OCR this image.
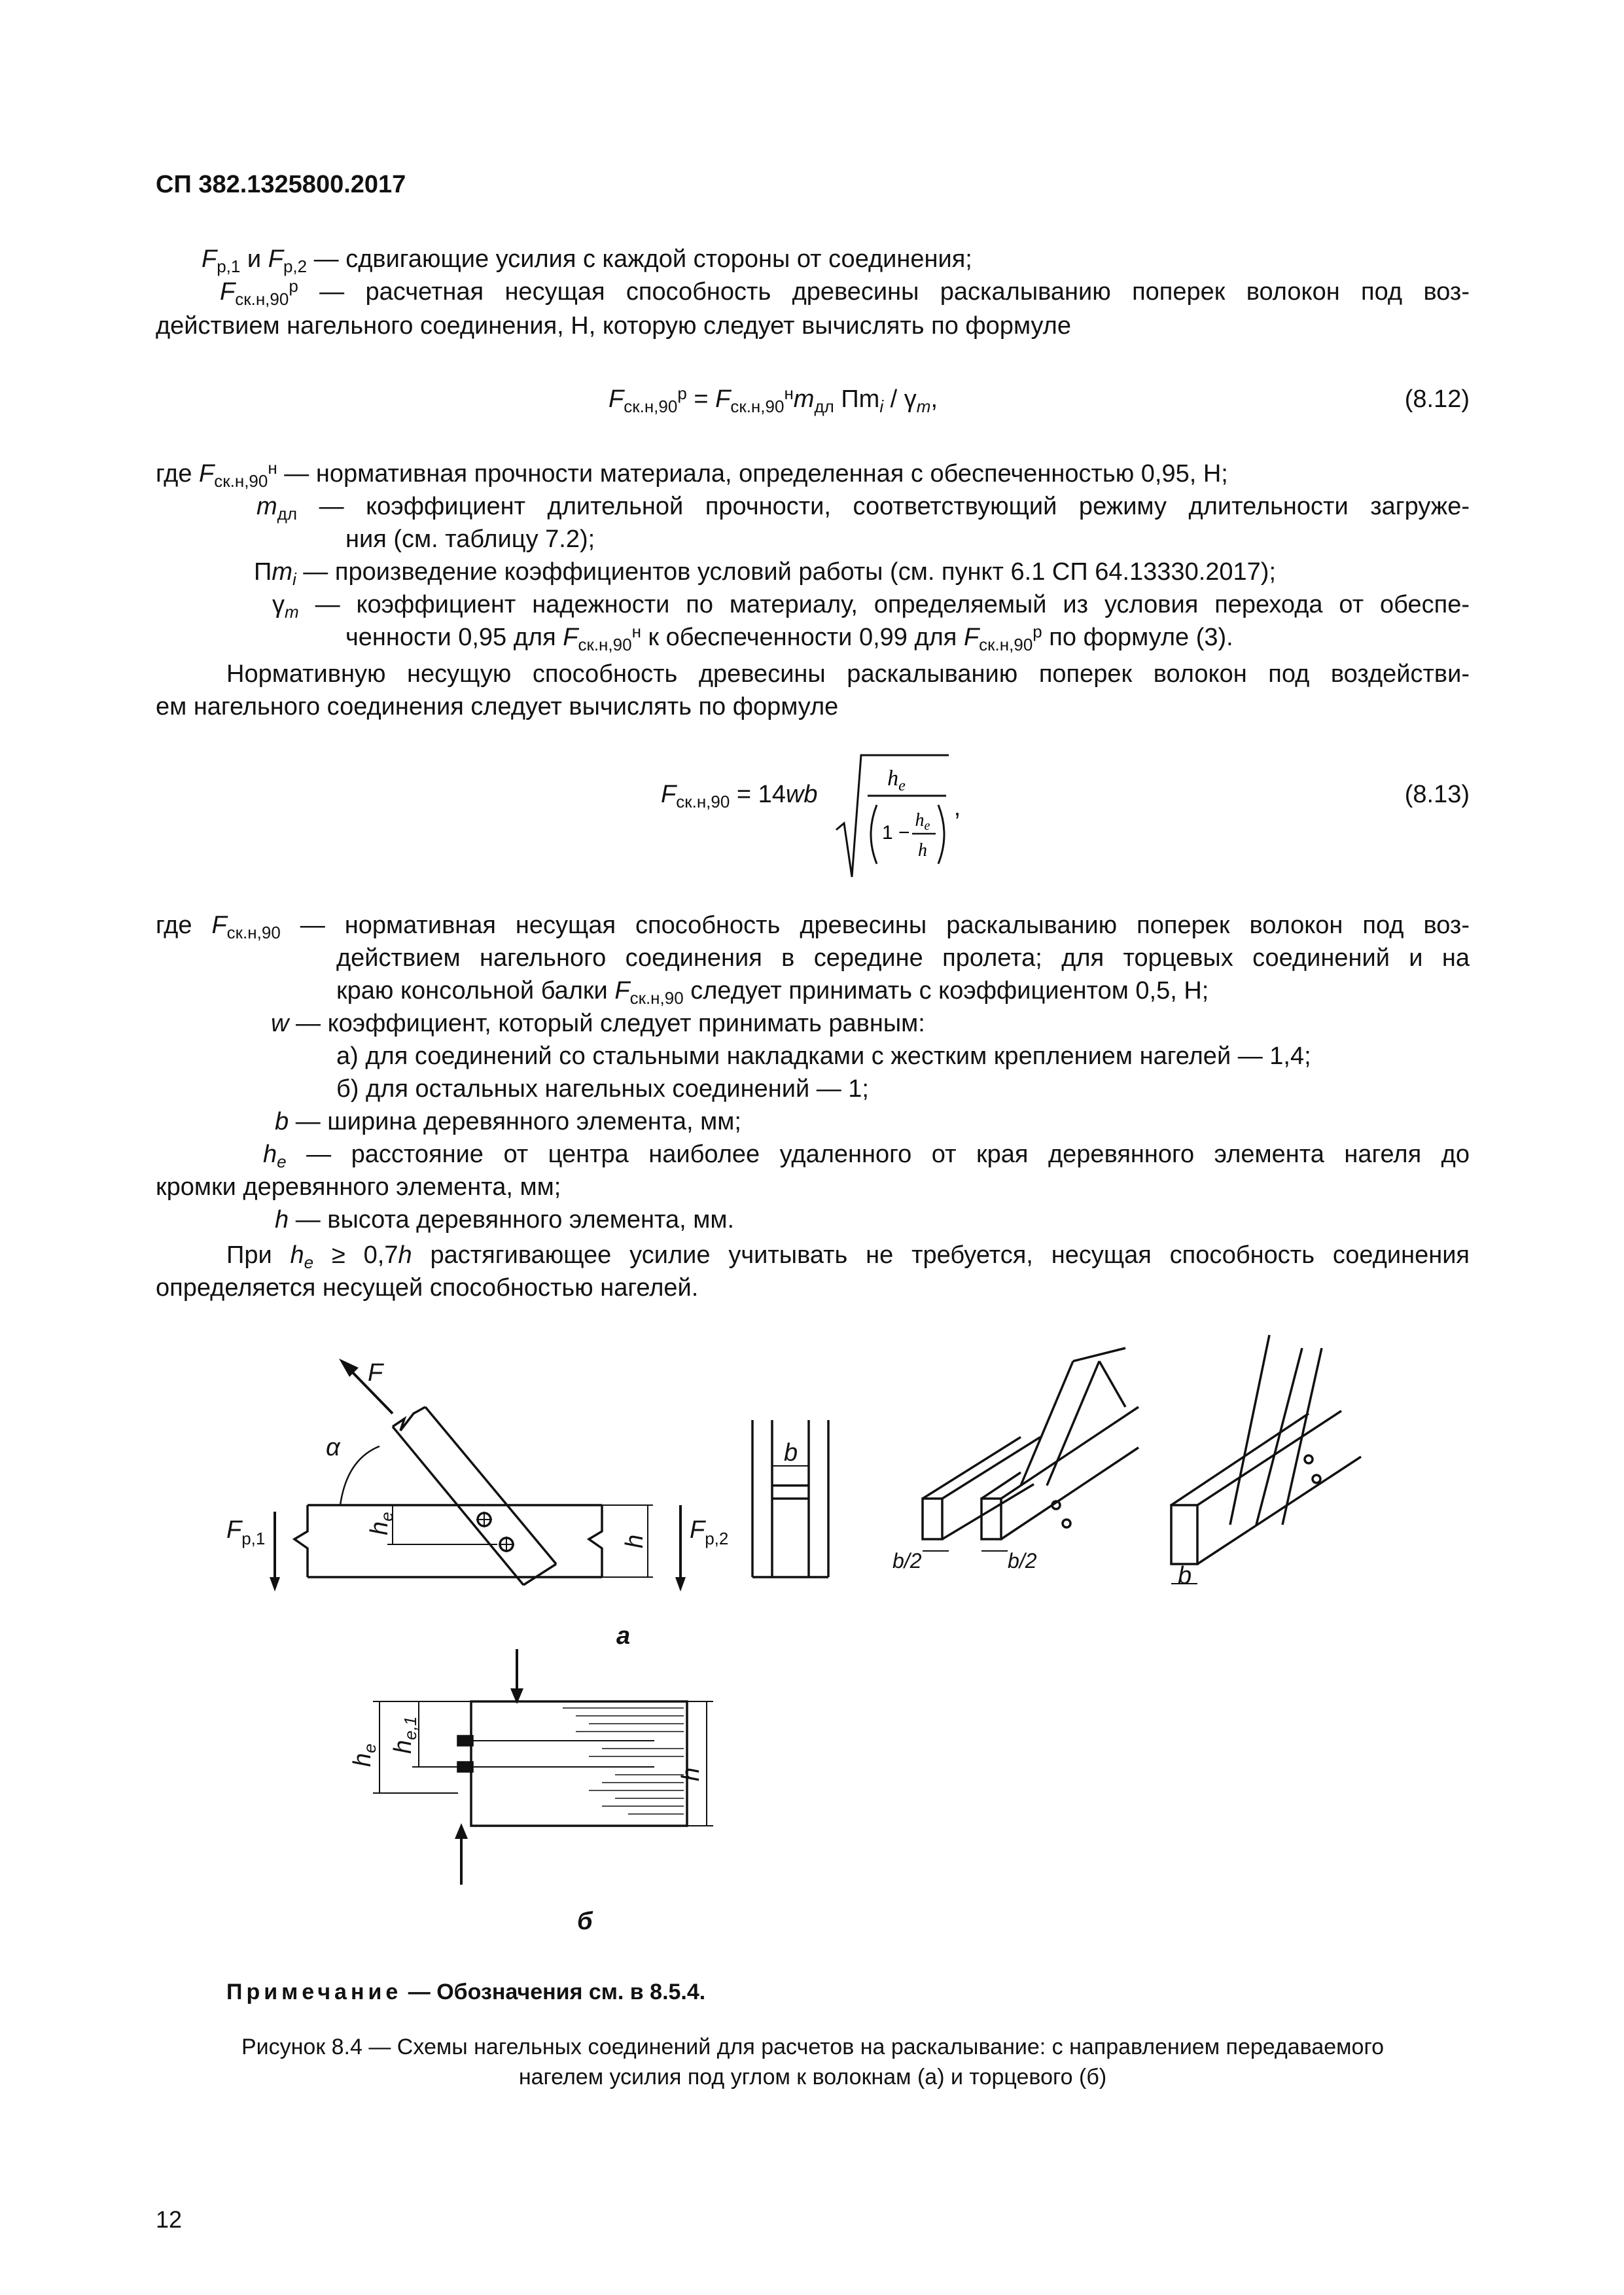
СП 382.1325800.2017
$F_{р,1}$ и $F_{р,2}$ — сдвигающие усилия с каждой стороны от соединения;
$F_{ск.н,90}^р$ — расчетная несущая способность древесины раскалыванию поперек волокон под воз-
действием нагельного соединения, Н, которую следует вычислять по формуле
$F_{ск.н,90}^р = F_{ск.н,90}^нm_{дл}$ $Пm_i / \gamma_m$,	(8.12)
где $F_{ск.н,90}^н$ — нормативная прочности материала, определенная с обеспеченностью 0,95, Н;
$m_{дл}$ — коэффициент длительной прочности, соответствующий режиму длительности загруже-
ния (см. таблицу 7.2);
$Пm_i$ — произведение коэффициентов условий работы (см. пункт 6.1 СП 64.13330.2017);
$\gamma_m$ — коэффициент надежности по материалу, определяемый из условия перехода от обеспе-
ченности 0,95 для $F_{ск.н,90}^н$ к обеспеченности 0,99 для $F_{ск.н,90}^р$ по формуле (3).
Нормативную несущую способность древесины раскалыванию поперек волокон под воздействи-
ем нагельного соединения следует вычислять по формуле
$F_{ск.н,90} = 14wb$
$h_e$
1 −
$h_e$
h
,	(8.13)
где $F_{ск.н,90}$ — нормативная несущая способность древесины раскалыванию поперек волокон под воз-
действием нагельного соединения в середине пролета; для торцевых соединений и на
краю консольной балки $F_{ск.н,90}$ следует принимать с коэффициентом 0,5, Н;
w — коэффициент, который следует принимать равным:
а) для соединений со стальными накладками с жестким креплением нагелей — 1,4;
б) для остальных нагельных соединений — 1;
b — ширина деревянного элемента, мм;
$h_e$ — расстояние от центра наиболее удаленного от края деревянного элемента нагеля до
кромки деревянного элемента, мм;
h — высота деревянного элемента, мм.
При $h_e \ge 0,7h$ растягивающее усилие учитывать не требуется, несущая способность соединения
определяется несущей способностью нагелей.
F
α
$F_{p,1}$	$F_{p,2}$
$h_e$
h
b
b/2	b/2
b
$h_e$ $h_{e,1}$
h
а
б
Примечание — Обозначения см. в 8.5.4.
Рисунок 8.4 — Схемы нагельных соединений для расчетов на раскалывание: с направлением передаваемого
нагелем усилия под углом к волокнам (а) и торцевого (б)
12
